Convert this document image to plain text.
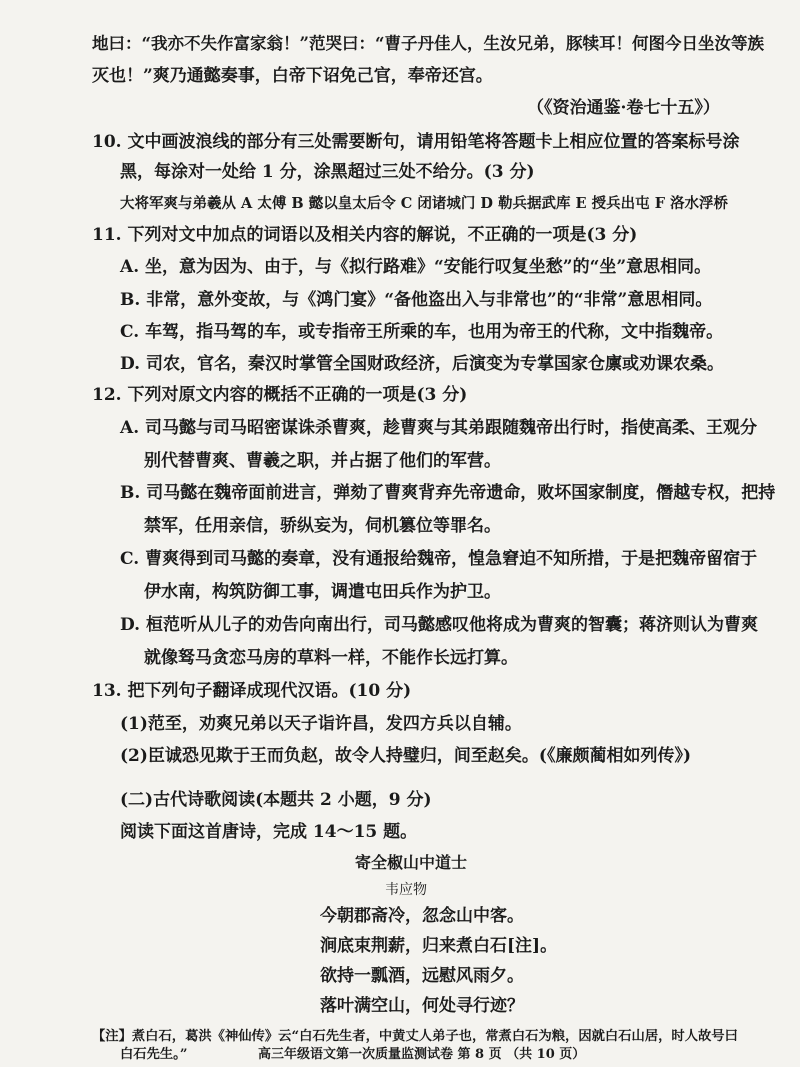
地曰：“我亦不失作富家翁！”范哭曰：“曹子丹佳人，生汝兄弟，豚犊耳！何图今日坐汝等族
灭也！”爽乃通懿奏事，白帝下诏免己官，奉帝还宫。
（《资治通鉴·卷七十五》）
10. 文中画波浪线的部分有三处需要断句，请用铅笔将答题卡上相应位置的答案标号涂
黑，每涂对一处给 1 分，涂黑超过三处不给分。(3 分)
大将军爽与弟羲从 A 太傅 B 懿以皇太后令 C 闭诸城门 D 勒兵据武库 E 授兵出屯 F 洛水浮桥
11. 下列对文中加点的词语以及相关内容的解说，不正确的一项是(3 分)
A. 坐，意为因为、由于，与《拟行路难》“安能行叹复坐愁”的“坐”意思相同。
B. 非常，意外变故，与《鸿门宴》“备他盗出入与非常也”的“非常”意思相同。
C. 车驾，指马驾的车，或专指帝王所乘的车，也用为帝王的代称，文中指魏帝。
D. 司农，官名，秦汉时掌管全国财政经济，后演变为专掌国家仓廪或劝课农桑。
12. 下列对原文内容的概括不正确的一项是(3 分)
A. 司马懿与司马昭密谋诛杀曹爽，趁曹爽与其弟跟随魏帝出行时，指使高柔、王观分
别代替曹爽、曹羲之职，并占据了他们的军营。
B. 司马懿在魏帝面前进言，弹劾了曹爽背弃先帝遗命，败坏国家制度，僭越专权，把持
禁军，任用亲信，骄纵妄为，伺机篡位等罪名。
C. 曹爽得到司马懿的奏章，没有通报给魏帝，惶急窘迫不知所措，于是把魏帝留宿于
伊水南，构筑防御工事，调遣屯田兵作为护卫。
D. 桓范听从儿子的劝告向南出行，司马懿感叹他将成为曹爽的智囊；蒋济则认为曹爽
就像驽马贪恋马房的草料一样，不能作长远打算。
13. 把下列句子翻译成现代汉语。(10 分)
(1)范至，劝爽兄弟以天子诣许昌，发四方兵以自辅。
(2)臣诚恐见欺于王而负赵，故令人持璧归，间至赵矣。(《廉颇蔺相如列传》)
(二)古代诗歌阅读(本题共 2 小题，9 分)
阅读下面这首唐诗，完成 14～15 题。
寄全椒山中道士
韦应物
今朝郡斋冷，忽念山中客。
涧底束荆薪，归来煮白石[注]。
欲持一瓢酒，远慰风雨夕。
落叶满空山，何处寻行迹？
【注】煮白石，葛洪《神仙传》云“白石先生者，中黄丈人弟子也，常煮白石为粮，因就白石山居，时人故号曰
白石先生。”	高三年级语文第一次质量监测试卷 第 8 页 （共 10 页）
